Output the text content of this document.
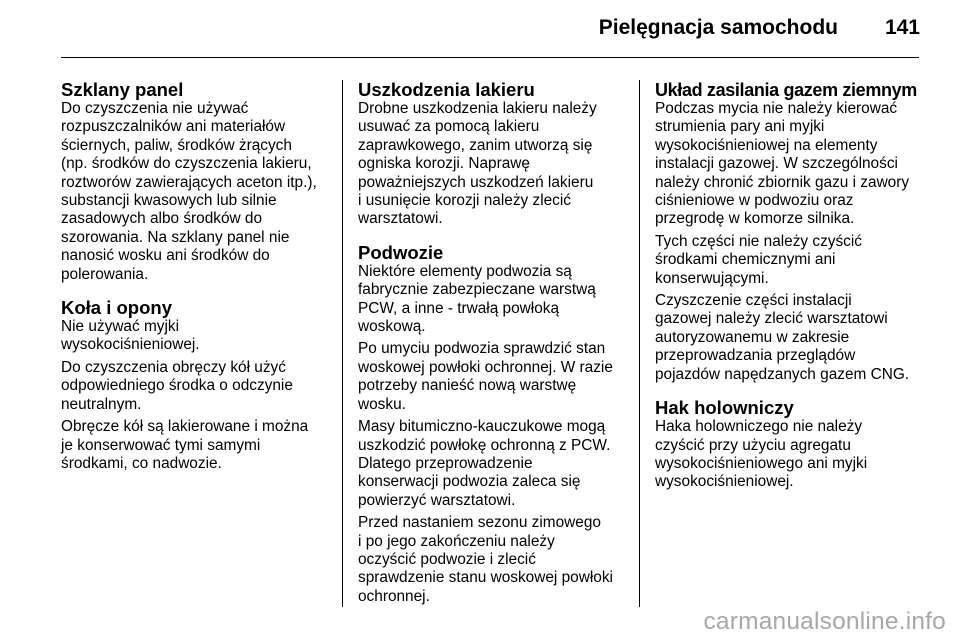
Pielęgnacja samochodu 141
Szklany panel

Do czyszczenia nie używać
rozpuszczalników ani materiałów
ściernych, paliw, środków żrących
(np. środków do czyszczenia lakieru,
roztworów zawierających aceton itp.),
substancji kwasowych lub silnie
zasadowych albo środków do
szorowania. Na szklany panel nie
nanosić wosku ani środków do
polerowania.

Koła i opony

Nie używać myjki
wysokociśnieniowej.

Do czyszczenia obręczy kół użyć
odpowiedniego środka o odczynie
neutralnym.

Obręcze kół są lakierowane i można
je konserwować tymi samymi
środkami, co nadwozie.

Uszkodzenia lakieru

Drobne uszkodzenia lakieru należy
usuwać za pomocą lakieru
zaprawkowego, zanim utworzą się
ogniska korozji. Naprawę
poważniejszych uszkodzeń lakieru
i usunięcie korozji należy zlecić
warsztatowi.

Podwozie

Niektóre elementy podwozia są
fabrycznie zabezpieczane warstwą
PCW, a inne - trwałą powłoką
woskową.

Po umyciu podwozia sprawdzić stan
woskowej powłoki ochronnej. W razie
potrzeby nanieść nową warstwę
wosku.

Masy bitumiczno-kauczukowe mogą
uszkodzić powłokę ochronną z PCW.
Dlatego przeprowadzenie
konserwacji podwozia zaleca się
powierzyć warsztatowi.

Przed nastaniem sezonu zimowego
i po jego zakończeniu należy
oczyścić podwozie i zlecić
sprawdzenie stanu woskowej powłoki
ochronnej.

Układ zasilania gazem ziemnym

Podczas mycia nie należy kierować
strumienia pary ani myjki
wysokociśnieniowej na elementy
instalacji gazowej. W szczególności
należy chronić zbiornik gazu i zawory
ciśnieniowe w podwoziu oraz
przegrodę w komorze silnika.

Tych części nie należy czyścić
środkami chemicznymi ani
konserwującymi.

Czyszczenie części instalacji
gazowej należy zlecić warsztatowi
autoryzowanemu w zakresie
przeprowadzania przeglądów
pojazdów napędzanych gazem CNG.

Hak holowniczy

Haka holowniczego nie należy
czyścić przy użyciu agregatu
wysokociśnieniowego ani myjki
wysokociśnieniowej.

carmanualsonline.info
